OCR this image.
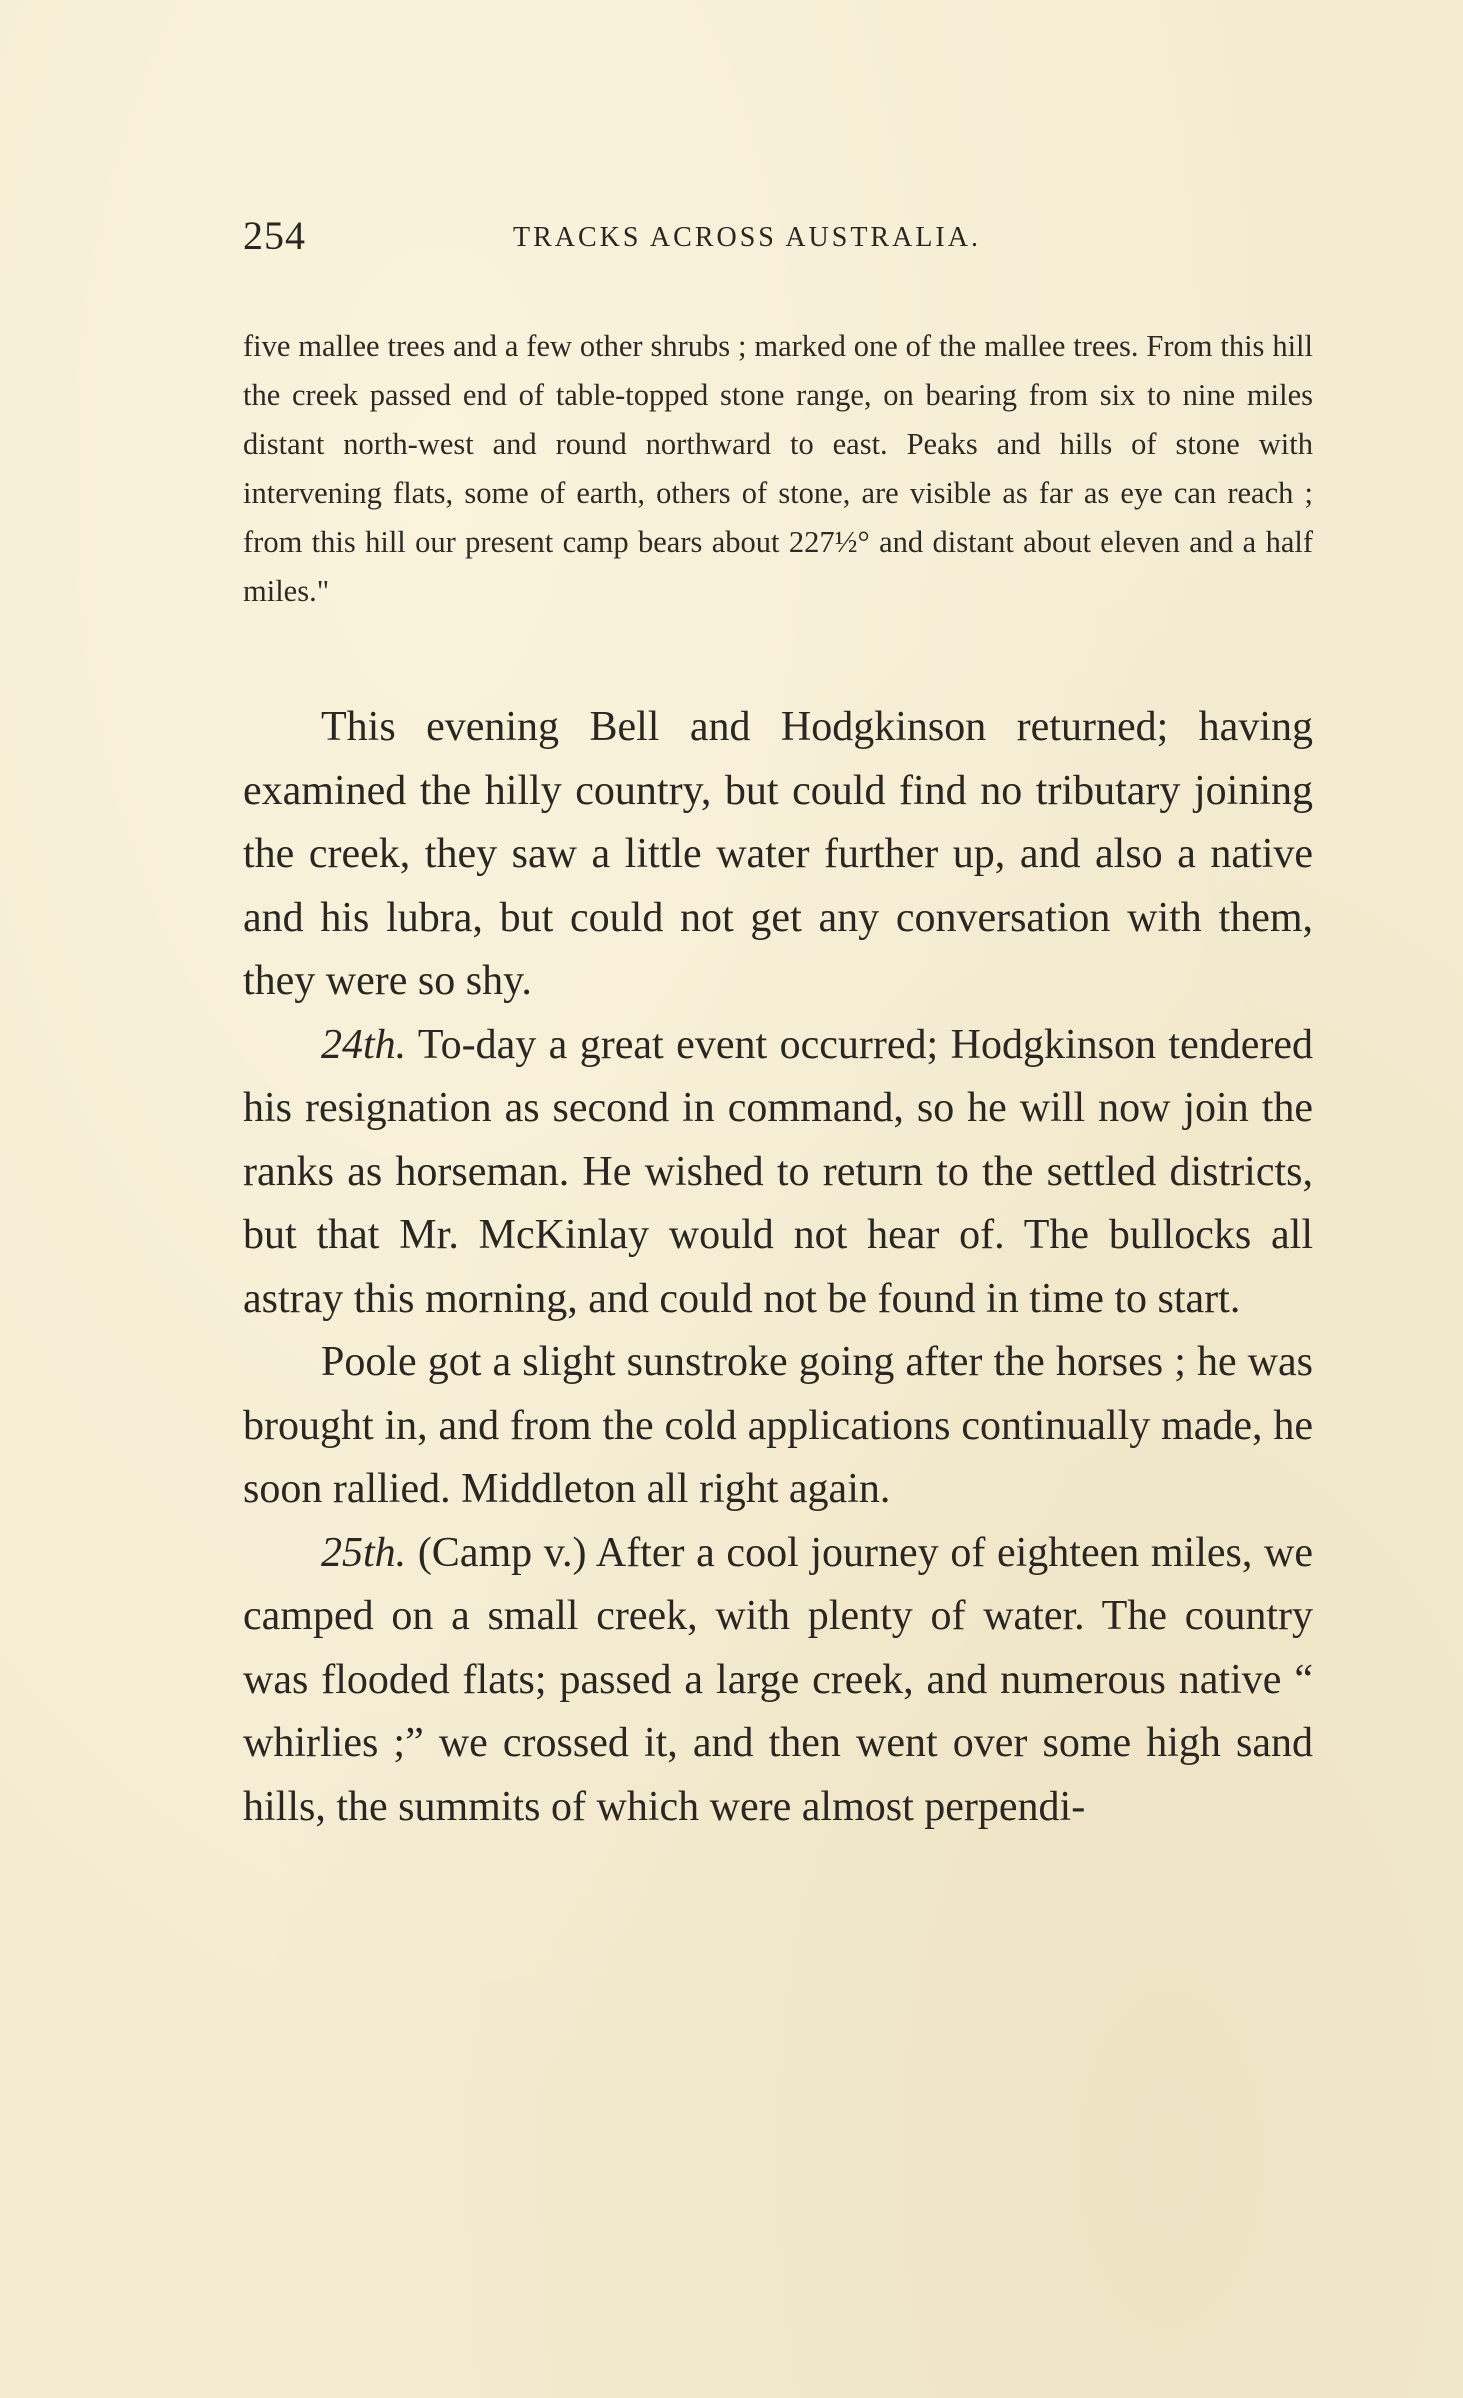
254	TRACKS ACROSS AUSTRALIA.
five mallee trees and a few other shrubs ; marked one of the mallee trees. From this hill the creek passed end of table-topped stone range, on bearing from six to nine miles distant north-west and round northward to east. Peaks and hills of stone with intervening flats, some of earth, others of stone, are visible as far as eye can reach ; from this hill our present camp bears about 227½° and distant about eleven and a half miles."

This evening Bell and Hodgkinson returned; having examined the hilly country, but could find no tributary joining the creek, they saw a little water further up, and also a native and his lubra, but could not get any conversation with them, they were so shy.

24th. To-day a great event occurred; Hodgkinson tendered his resignation as second in command, so he will now join the ranks as horseman. He wished to return to the settled districts, but that Mr. McKinlay would not hear of. The bullocks all astray this morning, and could not be found in time to start.

Poole got a slight sunstroke going after the horses ; he was brought in, and from the cold applications continually made, he soon rallied. Middleton all right again.

25th. (Camp v.) After a cool journey of eighteen miles, we camped on a small creek, with plenty of water. The country was flooded flats; passed a large creek, and numerous native “ whirlies ;” we crossed it, and then went over some high sand hills, the summits of which were almost perpendi-
